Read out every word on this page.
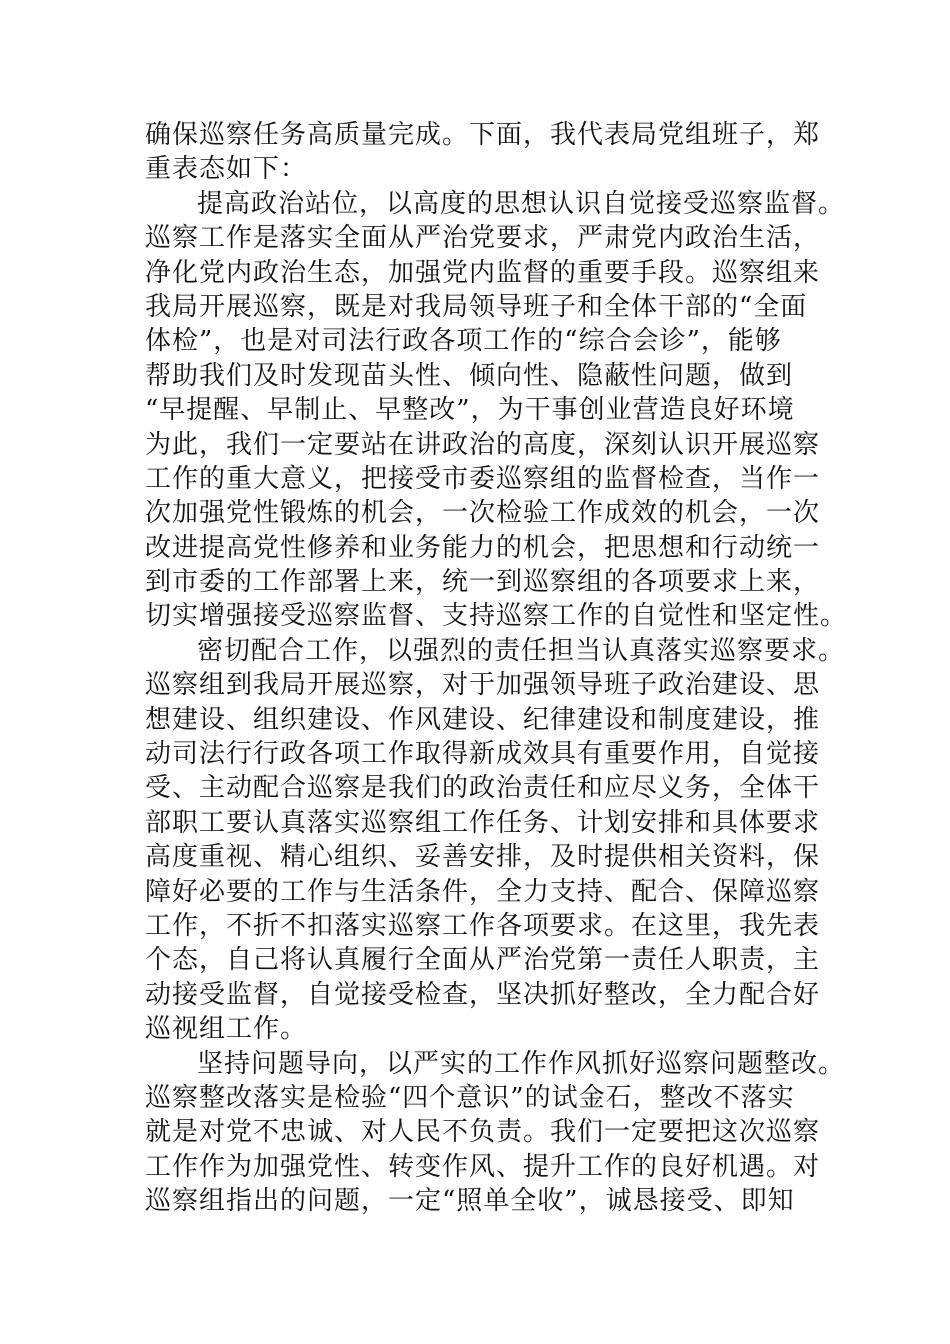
确保巡察任务高质量完成。下面，我代表局党组班子，郑
重表态如下：
提高政治站位，以高度的思想认识自觉接受巡察监督。
巡察工作是落实全面从严治党要求，严肃党内政治生活，
净化党内政治生态，加强党内监督的重要手段。巡察组来
我局开展巡察，既是对我局领导班子和全体干部的“全面
体检”，也是对司法行政各项工作的“综合会诊”，能够
帮助我们及时发现苗头性、倾向性、隐蔽性问题，做到
“早提醒、早制止、早整改”，为干事创业营造良好环境
为此，我们一定要站在讲政治的高度，深刻认识开展巡察
工作的重大意义，把接受市委巡察组的监督检查，当作一
次加强党性锻炼的机会，一次检验工作成效的机会，一次
改进提高党性修养和业务能力的机会，把思想和行动统一
到市委的工作部署上来，统一到巡察组的各项要求上来，
切实增强接受巡察监督、支持巡察工作的自觉性和坚定性。
密切配合工作，以强烈的责任担当认真落实巡察要求。
巡察组到我局开展巡察，对于加强领导班子政治建设、思
想建设、组织建设、作风建设、纪律建设和制度建设，推
动司法行行政各项工作取得新成效具有重要作用，自觉接
受、主动配合巡察是我们的政治责任和应尽义务，全体干
部职工要认真落实巡察组工作任务、计划安排和具体要求
高度重视、精心组织、妥善安排，及时提供相关资料，保
障好必要的工作与生活条件，全力支持、配合、保障巡察
工作，不折不扣落实巡察工作各项要求。在这里，我先表
个态，自己将认真履行全面从严治党第一责任人职责，主
动接受监督，自觉接受检查，坚决抓好整改，全力配合好
巡视组工作。
坚持问题导向，以严实的工作作风抓好巡察问题整改。
巡察整改落实是检验“四个意识”的试金石，整改不落实
就是对党不忠诚、对人民不负责。我们一定要把这次巡察
工作作为加强党性、转变作风、提升工作的良好机遇。对
巡察组指出的问题，一定“照单全收”，诚恳接受、即知
